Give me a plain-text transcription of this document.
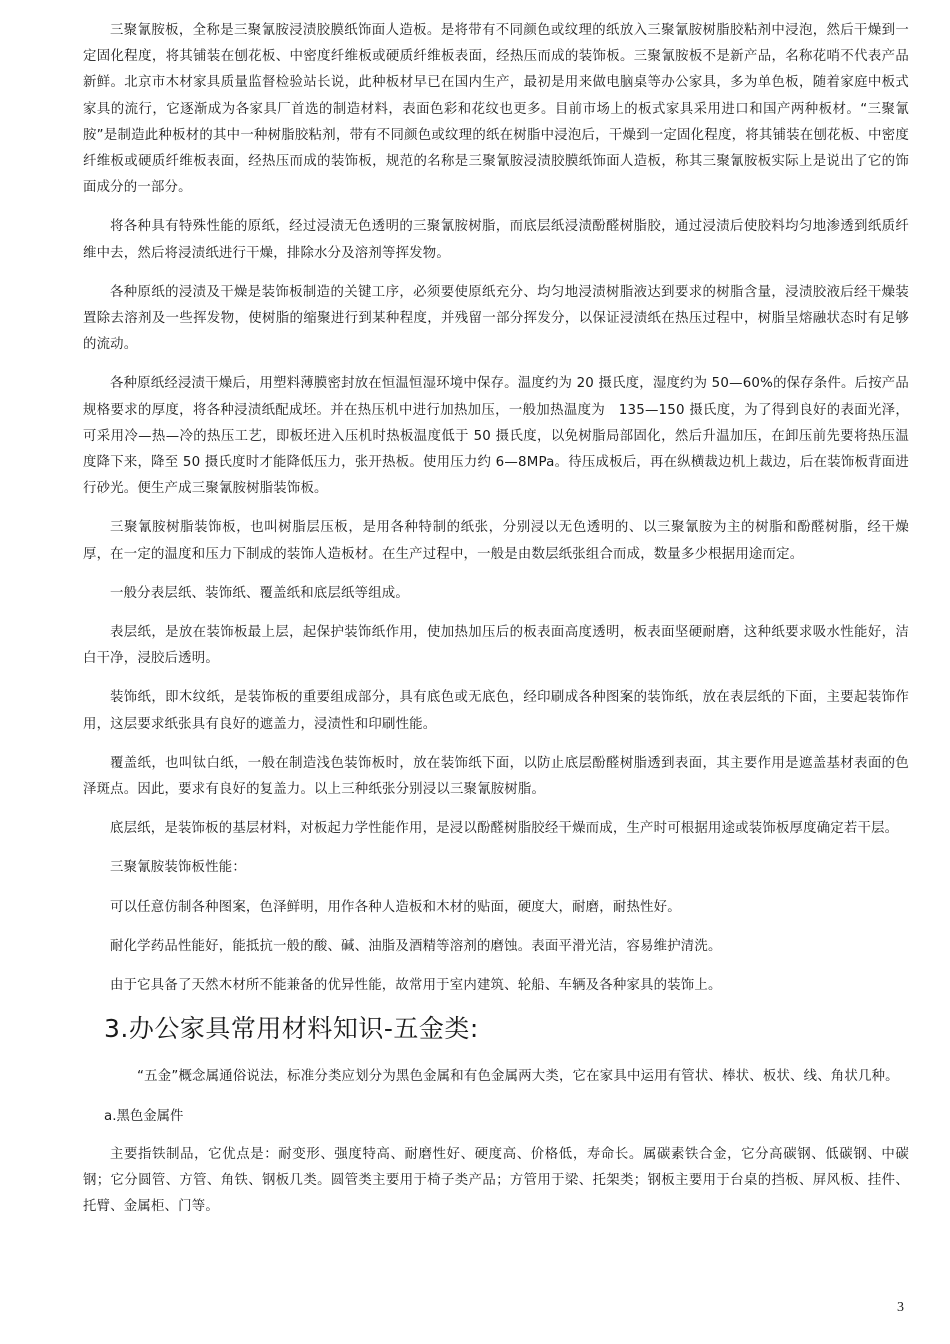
三聚氰胺板，全称是三聚氰胺浸渍胶膜纸饰面人造板。是将带有不同颜色或纹理的纸放入三聚氰胺树脂胶粘剂中浸泡，然后干燥到一定固化程度，将其铺装在刨花板、中密度纤维板或硬质纤维板表面，经热压而成的装饰板。三聚氰胺板不是新产品，名称花哨不代表产品新鲜。北京市木材家具质量监督检验站长说，此种板材早已在国内生产，最初是用来做电脑桌等办公家具，多为单色板，随着家庭中板式家具的流行，它逐渐成为各家具厂首选的制造材料，表面色彩和花纹也更多。目前市场上的板式家具采用进口和国产两种板材。“三聚氰胺”是制造此种板材的其中一种树脂胶粘剂，带有不同颜色或纹理的纸在树脂中浸泡后，干燥到一定固化程度，将其铺装在刨花板、中密度纤维板或硬质纤维板表面，经热压而成的装饰板，规范的名称是三聚氰胺浸渍胶膜纸饰面人造板，称其三聚氰胺板实际上是说出了它的饰面成分的一部分。

将各种具有特殊性能的原纸，经过浸渍无色透明的三聚氰胺树脂，而底层纸浸渍酚醛树脂胶，通过浸渍后使胶料均匀地渗透到纸质纤维中去，然后将浸渍纸进行干燥，排除水分及溶剂等挥发物。

各种原纸的浸渍及干燥是装饰板制造的关键工序，必须要使原纸充分、均匀地浸渍树脂液达到要求的树脂含量，浸渍胶液后经干燥装置除去溶剂及一些挥发物，使树脂的缩聚进行到某种程度，并残留一部分挥发分，以保证浸渍纸在热压过程中，树脂呈熔融状态时有足够的流动。

各种原纸经浸渍干燥后，用塑料薄膜密封放在恒温恒湿环境中保存。温度约为 20 摄氏度，湿度约为 50—60%的保存条件。后按产品规格要求的厚度，将各种浸渍纸配成坯。并在热压机中进行加热加压，一般加热温度为　135—150 摄氏度，为了得到良好的表面光泽，可采用冷—热—冷的热压工艺，即板坯进入压机时热板温度低于 50 摄氏度，以免树脂局部固化，然后升温加压，在卸压前先要将热压温度降下来，降至 50 摄氏度时才能降低压力，张开热板。使用压力约 6—8MPa。待压成板后，再在纵横裁边机上裁边，后在装饰板背面进行砂光。便生产成三聚氰胺树脂装饰板。

三聚氰胺树脂装饰板，也叫树脂层压板，是用各种特制的纸张，分别浸以无色透明的、以三聚氰胺为主的树脂和酚醛树脂，经干燥厚，在一定的温度和压力下制成的装饰人造板材。在生产过程中，一般是由数层纸张组合而成，数量多少根据用途而定。

一般分表层纸、装饰纸、覆盖纸和底层纸等组成。

表层纸，是放在装饰板最上层，起保护装饰纸作用，使加热加压后的板表面高度透明，板表面坚硬耐磨，这种纸要求吸水性能好，洁白干净，浸胶后透明。

装饰纸，即木纹纸，是装饰板的重要组成部分，具有底色或无底色，经印刷成各种图案的装饰纸，放在表层纸的下面，主要起装饰作用，这层要求纸张具有良好的遮盖力，浸渍性和印刷性能。

覆盖纸，也叫钛白纸，一般在制造浅色装饰板时，放在装饰纸下面，以防止底层酚醛树脂透到表面，其主要作用是遮盖基材表面的色泽斑点。因此，要求有良好的复盖力。以上三种纸张分别浸以三聚氰胺树脂。

底层纸，是装饰板的基层材料，对板起力学性能作用，是浸以酚醛树脂胶经干燥而成，生产时可根据用途或装饰板厚度确定若干层。

三聚氰胺装饰板性能：

可以任意仿制各种图案，色泽鲜明，用作各种人造板和木材的贴面，硬度大，耐磨，耐热性好。

耐化学药品性能好，能抵抗一般的酸、碱、油脂及酒精等溶剂的磨蚀。表面平滑光洁，容易维护清洗。

由于它具备了天然木材所不能兼备的优异性能，故常用于室内建筑、轮船、车辆及各种家具的装饰上。

3.办公家具常用材料知识-五金类:

“五金”概念属通俗说法，标准分类应划分为黑色金属和有色金属两大类，它在家具中运用有管状、棒状、板状、线、角状几种。

a.黑色金属件

主要指铁制品，它优点是：耐变形、强度特高、耐磨性好、硬度高、价格低，寿命长。属碳素铁合金，它分高碳钢、低碳钢、中碳钢；它分圆管、方管、角铁、钢板几类。圆管类主要用于椅子类产品；方管用于梁、托架类；钢板主要用于台桌的挡板、屏风板、挂件、托臂、金属柜、门等。

3
